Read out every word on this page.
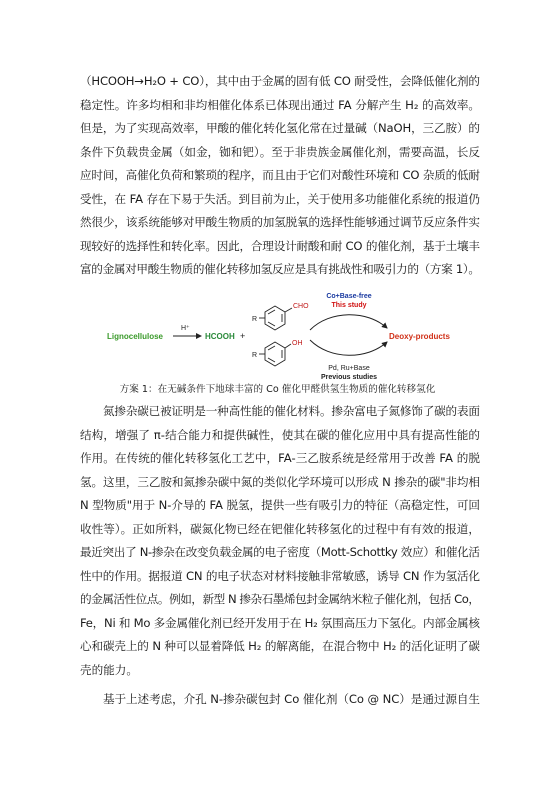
（HCOOH→H₂O + CO），其中由于金属的固有低 CO 耐受性，会降低催化剂的
稳定性。许多均相和非均相催化体系已体现出通过 FA 分解产生 H₂ 的高效率。
但是，为了实现高效率，甲酸的催化转化氢化常在过量碱（NaOH，三乙胺）的
条件下负载贵金属（如金，铷和钯）。至于非贵族金属催化剂，需要高温，长反
应时间，高催化负荷和繁琐的程序，而且由于它们对酸性环境和 CO 杂质的低耐
受性，在 FA 存在下易于失活。到目前为止，关于使用多功能催化系统的报道仍
然很少，该系统能够对甲酸生物质的加氢脱氧的选择性能够通过调节反应条件实
现较好的选择性和转化率。因此，合理设计耐酸和耐 CO 的催化剂，基于土壤丰
富的金属对甲酸生物质的催化转移加氢反应是具有挑战性和吸引力的（方案 1）。
Lignocellulose
H⁺
HCOOH +
R
CHO
R
OH
Co+Base-free
This study
Deoxy-products
Pd, Ru+Base
Previous studies
方案 1：在无碱条件下地球丰富的 Co 催化甲醛供氢生物质的催化转移氢化
氮掺杂碳已被证明是一种高性能的催化材料。掺杂富电子氮修饰了碳的表面
结构，增强了 π-结合能力和提供碱性，使其在碳的催化应用中具有提高性能的
作用。在传统的催化转移氢化工艺中，FA-三乙胺系统是经常用于改善 FA 的脱
氢。这里，三乙胺和氮掺杂碳中氮的类似化学环境可以形成 N 掺杂的碳"非均相
N 型物质"用于 N-介导的 FA 脱氢，提供一些有吸引力的特征（高稳定性，可回
收性等）。正如所料，碳氮化物已经在钯催化转移氢化的过程中有有效的报道，
最近突出了 N-掺杂在改变负载金属的电子密度（Mott-Schottky 效应）和催化活
性中的作用。据报道 CN 的电子状态对材料接触非常敏感，诱导 CN 作为氢活化
的金属活性位点。例如，新型 N 掺杂石墨烯包封金属纳米粒子催化剂，包括 Co，
Fe，Ni 和 Mo 多金属催化剂已经开发用于在 H₂ 氛围高压力下氢化。内部金属核
心和碳壳上的 N 种可以显着降低 H₂ 的解离能，在混合物中 H₂ 的活化证明了碳
壳的能力。
基于上述考虑，介孔 N-掺杂碳包封 Co 催化剂（Co @ NC）是通过源自生
